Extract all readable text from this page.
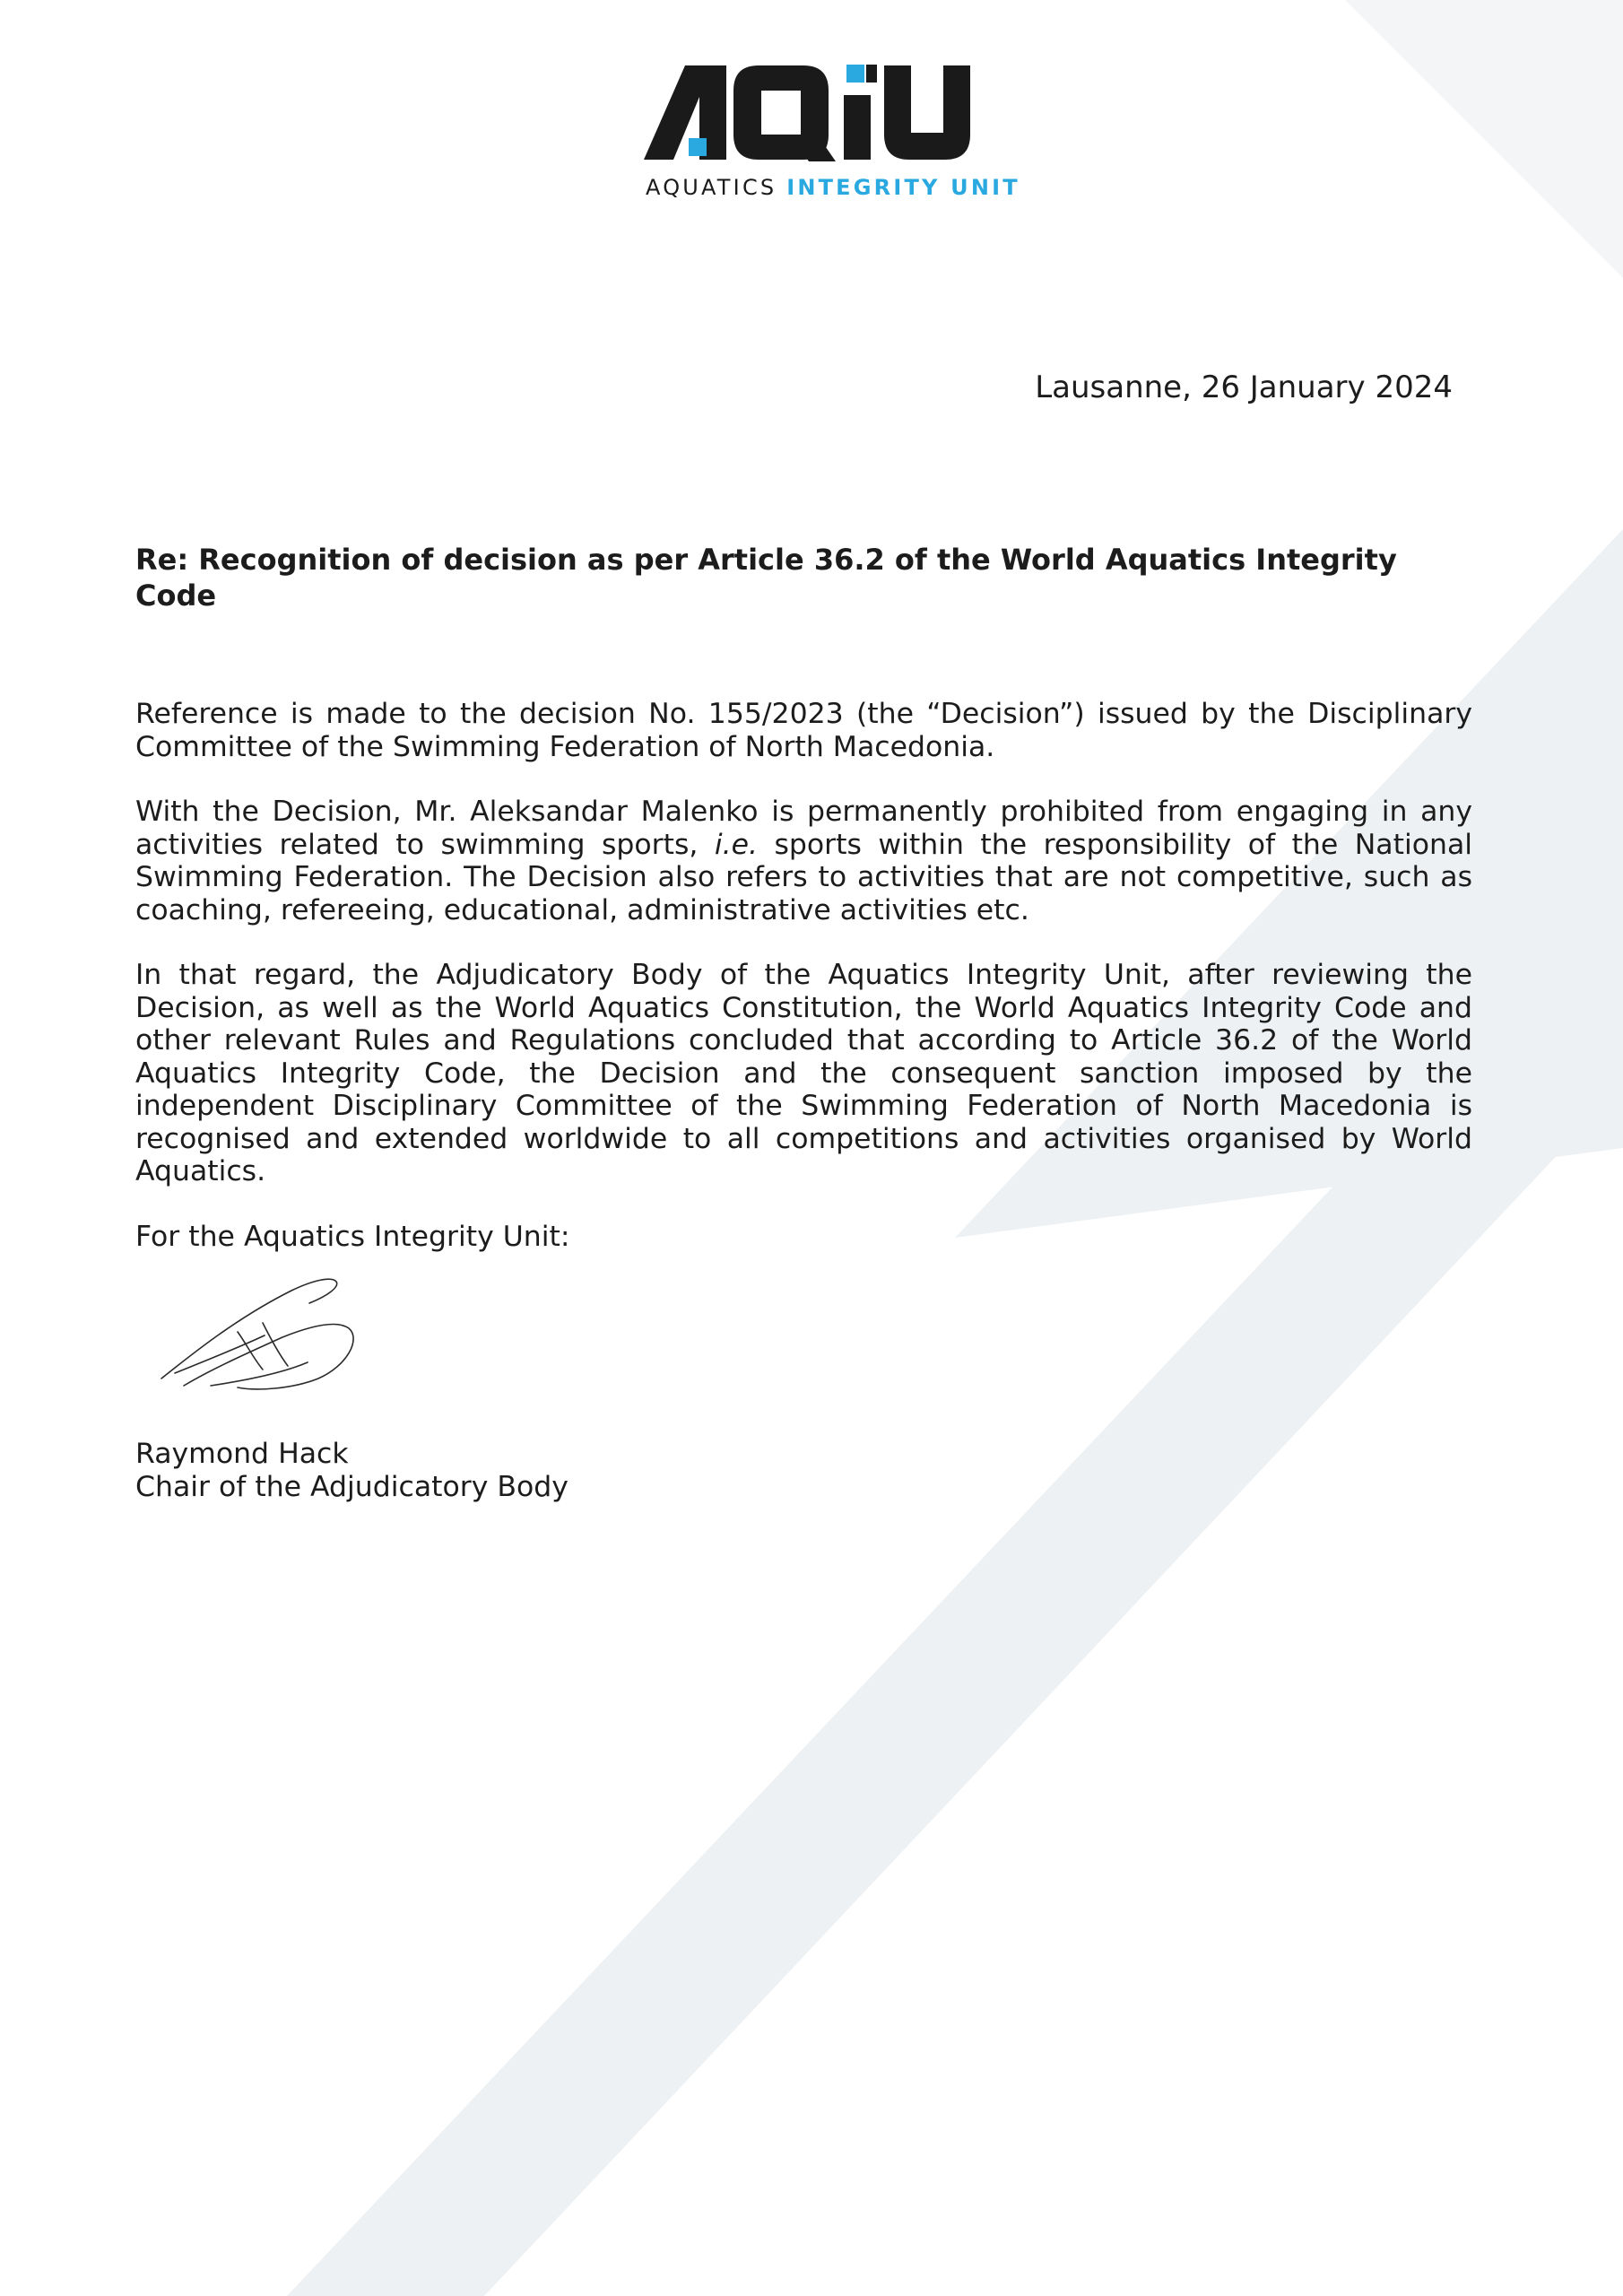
AQUATICS INTEGRITY UNIT
Lausanne, 26 January 2024
Re: Recognition of decision as per Article 36.2 of the World Aquatics Integrity Code

Reference is made to the decision No. 155/2023 (the “Decision”) issued by the Disciplinary Committee of the Swimming Federation of North Macedonia.

With the Decision, Mr. Aleksandar Malenko is permanently prohibited from engaging in any activities related to swimming sports, i.e. sports within the responsibility of the National Swimming Federation. The Decision also refers to activities that are not competitive, such as coaching, refereeing, educational, administrative activities etc.

In that regard, the Adjudicatory Body of the Aquatics Integrity Unit, after reviewing the Decision, as well as the World Aquatics Constitution, the World Aquatics Integrity Code and other relevant Rules and Regulations concluded that according to Article 36.2 of the World Aquatics Integrity Code, the Decision and the consequent sanction imposed by the independent Disciplinary Committee of the Swimming Federation of North Macedonia is recognised and extended worldwide to all competitions and activities organised by World Aquatics.

For the Aquatics Integrity Unit:
Raymond Hack
Chair of the Adjudicatory Body
